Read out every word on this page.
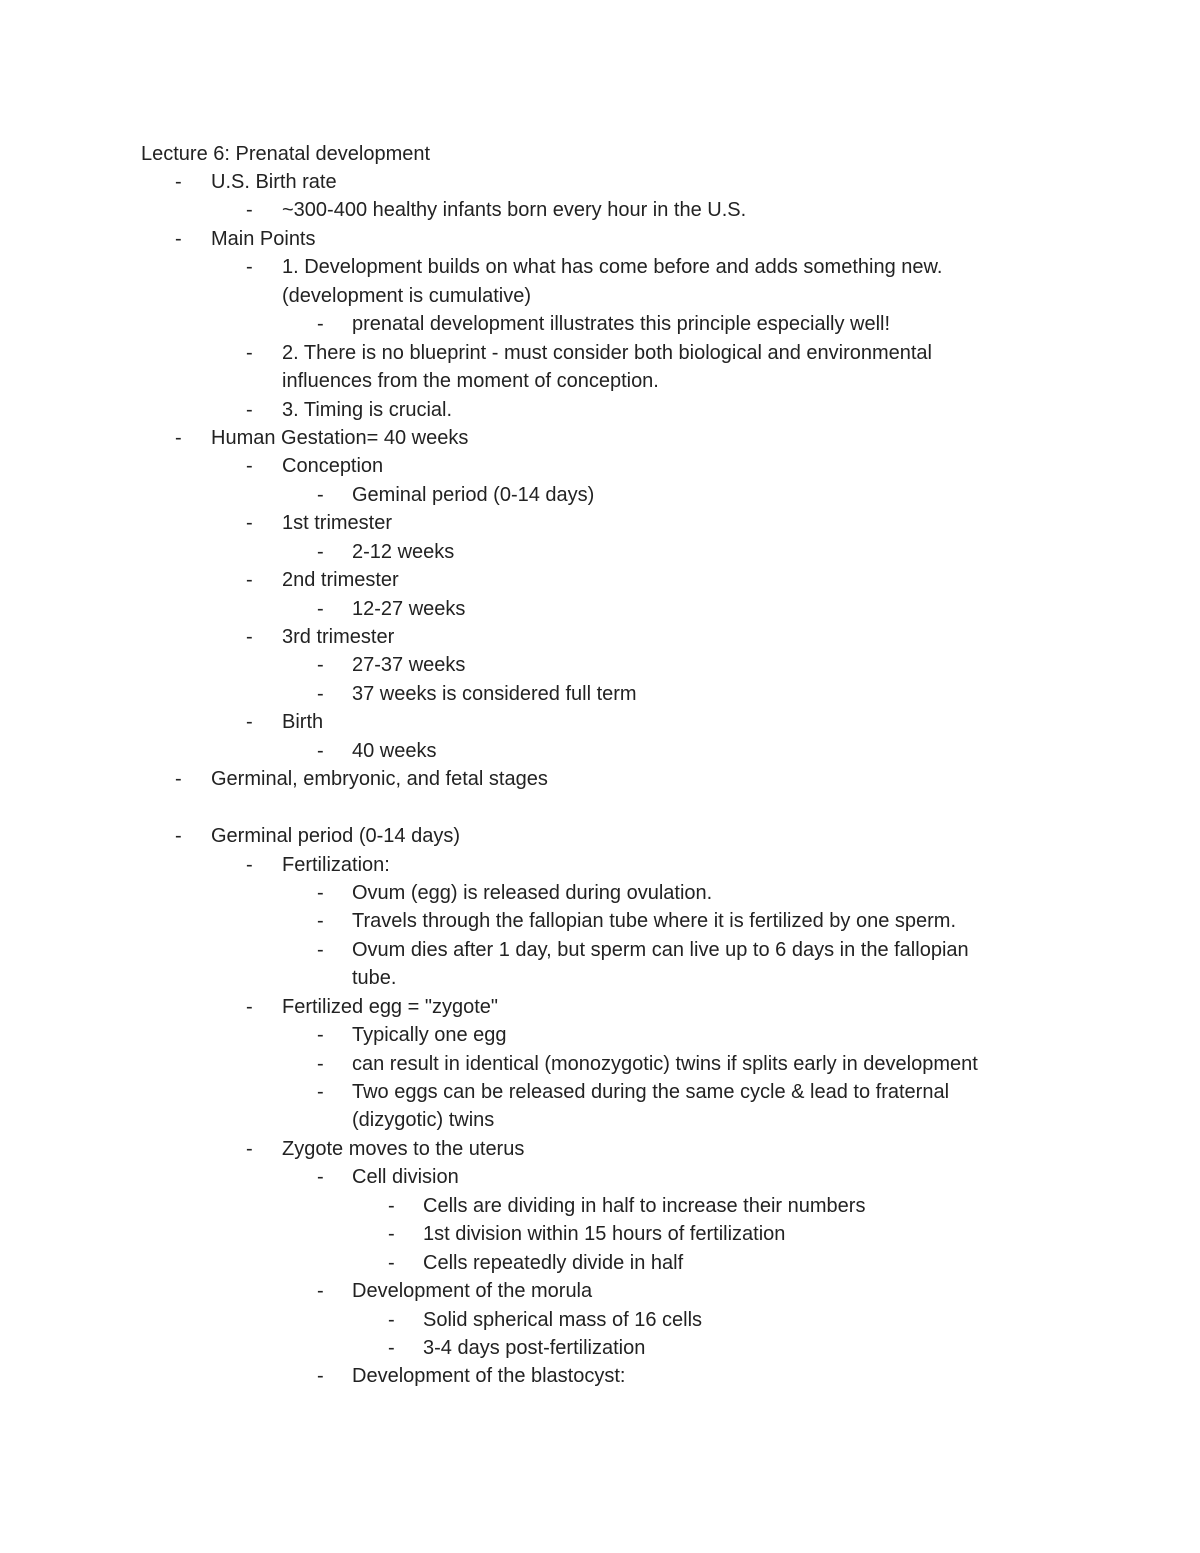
Lecture 6: Prenatal development
- U.S. Birth rate
- ~300-400 healthy infants born every hour in the U.S.
- Main Points
- 1. Development builds on what has come before and adds something new.
(development is cumulative)
- prenatal development illustrates this principle especially well!
- 2. There is no blueprint - must consider both biological and environmental
influences from the moment of conception.
- 3. Timing is crucial.
- Human Gestation= 40 weeks
- Conception
- Geminal period (0-14 days)
- 1st trimester
- 2-12 weeks
- 2nd trimester
- 12-27 weeks
- 3rd trimester
- 27-37 weeks
- 37 weeks is considered full term
- Birth
- 40 weeks
- Germinal, embryonic, and fetal stages
- Germinal period (0-14 days)
- Fertilization:
- Ovum (egg) is released during ovulation.
- Travels through the fallopian tube where it is fertilized by one sperm.
- Ovum dies after 1 day, but sperm can live up to 6 days in the fallopian
tube.
- Fertilized egg = "zygote"
- Typically one egg
- can result in identical (monozygotic) twins if splits early in development
- Two eggs can be released during the same cycle & lead to fraternal
(dizygotic) twins
- Zygote moves to the uterus
- Cell division
- Cells are dividing in half to increase their numbers
- 1st division within 15 hours of fertilization
- Cells repeatedly divide in half
- Development of the morula
- Solid spherical mass of 16 cells
- 3-4 days post-fertilization
- Development of the blastocyst:
